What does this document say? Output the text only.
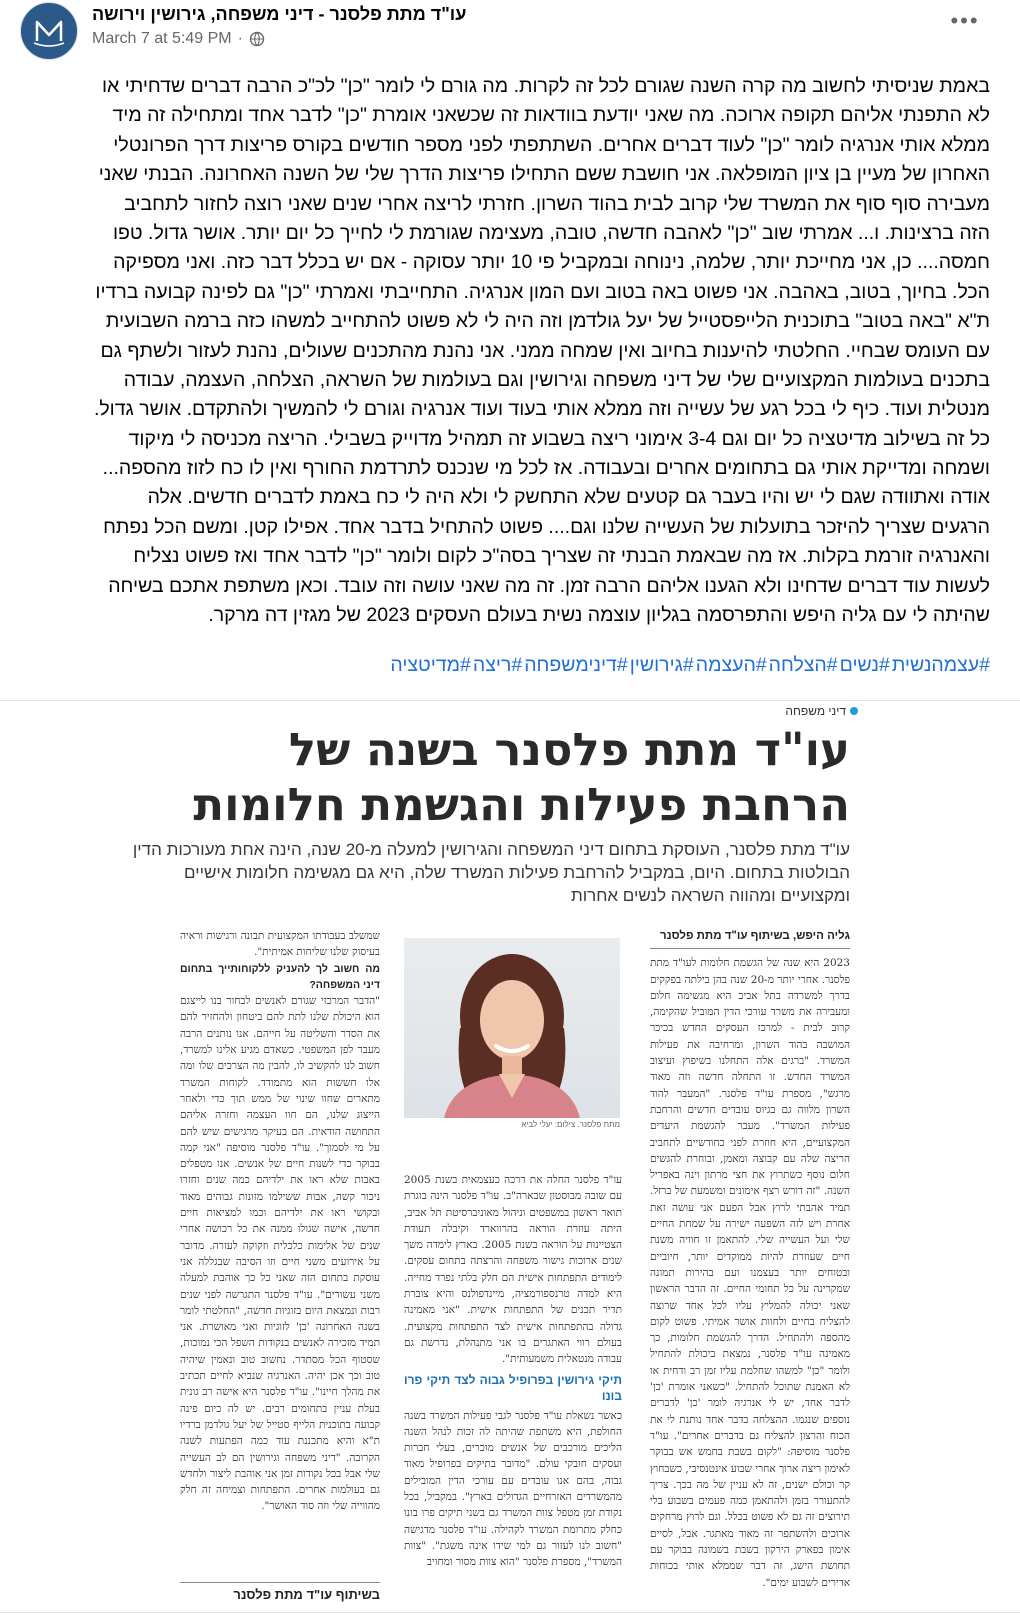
עו"ד מתת פלסנר - דיני משפחה, גירושין וירושה
March 7 at 5:49 PM ·
•••
באמת שניסיתי לחשוב מה קרה השנה שגורם לכל זה לקרות. מה גורם לי לומר "כן" לכ"כ הרבה דברים שדחיתי או
לא התפנתי אליהם תקופה ארוכה. מה שאני יודעת בוודאות זה שכשאני אומרת "כן" לדבר אחד ומתחילה זה מיד
ממלא אותי אנרגיה לומר "כן" לעוד דברים אחרים. השתתפתי לפני מספר חודשים בקורס פריצות דרך הפרונטלי
האחרון של מעיין בן ציון המופלאה. אני חושבת ששם התחילו פריצות הדרך שלי של השנה האחרונה. הבנתי שאני
מעבירה סוף סוף את המשרד שלי קרוב לבית בהוד השרון. חזרתי לריצה אחרי שנים שאני רוצה לחזור לתחביב
הזה ברצינות. ו... אמרתי שוב "כן" לאהבה חדשה, טובה, מעצימה שגורמת לי לחייך כל יום יותר. אושר גדול. טפו
חמסה.... כן, אני מחייכת יותר, שלמה, נינוחה ובמקביל פי 10 יותר עסוקה - אם יש בכלל דבר כזה. ואני מספיקה
הכל. בחיוך, בטוב, באהבה. אני פשוט באה בטוב ועם המון אנרגיה. התחייבתי ואמרתי "כן" גם לפינה קבועה ברדיו
ת"א "באה בטוב" בתוכנית הלייפסטייל של יעל גולדמן וזה היה לי לא פשוט להתחייב למשהו כזה ברמה השבועית
עם העומס שבחיי. החלטתי להיענות בחיוב ואין שמחה ממני. אני נהנת מהתכנים שעולים, נהנת לעזור ולשתף גם
בתכנים בעולמות המקצועיים שלי של דיני משפחה וגירושין וגם בעולמות של השראה, הצלחה, העצמה, עבודה
מנטלית ועוד. כיף לי בכל רגע של עשייה וזה ממלא אותי בעוד ועוד אנרגיה וגורם לי להמשיך ולהתקדם. אושר גדול.
כל זה בשילוב מדיטציה כל יום וגם 3-4 אימוני ריצה בשבוע זה תמהיל מדוייק בשבילי. הריצה מכניסה לי מיקוד
ושמחה ומדייקת אותי גם בתחומים אחרים ובעבודה. אז לכל מי שנכנס לתרדמת החורף ואין לו כח לזוז מהספה...
אודה ואתוודה שגם לי יש והיו בעבר גם קטעים שלא התחשק לי ולא היה לי כח באמת לדברים חדשים. אלה
הרגעים שצריך להיזכר בתועלות של העשייה שלנו וגם.... פשוט להתחיל בדבר אחד. אפילו קטן. ומשם הכל נפתח
והאנרגיה זורמת בקלות. אז מה שבאמת הבנתי זה שצריך בסה"כ לקום ולומר "כן" לדבר אחד ואז פשוט נצליח
לעשות עוד דברים שדחינו ולא הגענו אליהם הרבה זמן. זה מה שאני עושה וזה עובד. וכאן משתפת אתכם בשיחה
שהיתה לי עם גליה היפש והתפרסמה בגליון עוצמה נשית בעולם העסקים 2023 של מגזין דה מרקר.
#עצמהנשית#נשים#הצלחה#העצמה#גירושין#דינימשפחה#ריצה#מדיטציה
דיני משפחה
עו"ד מתת פלסנר בשנה של
הרחבת פעילות והגשמת חלומות
עו"ד מתת פלסנר, העוסקת בתחום דיני המשפחה והגירושין למעלה מ-20 שנה, הינה אחת מעורכות הדין הבולטות בתחום. היום, במקביל להרחבת פעילות המשרד שלה, היא גם מגשימה חלומות אישיים ומקצועיים ומהווה השראה לנשים אחרות
גליה היפש, בשיתוף עו"ד מתת פלסנר
2023 היא שנה של הגשמת חלומות לעו"ד מתת פלסנר. אחרי יותר מ-20 שנה בהן בילתה בפקקים בדרך למשרדה בתל אביב היא מגשימה חלום ומעבירה את משרד עורכי הדין המוביל שהקימה, קרוב לבית - למרכז העסקים החדש בכיכר המושבה בהוד השרון, ומרחיבה את פעילות המשרד. "ברגים אלה התחלנו בשיפוץ ועיצוב המשרד החדש. זו התחלה חדשה וזה מאוד מרגש", מספרת עו"ד פלסנר. "המעבר להוד השרון מלווה גם בגיוס עובדים חדשים והרחבת פעילות המשרד". מעבר להגשמת היעדים המקצועיים, היא חוזרת לפני כחודשיים לתחביב הריצה שלה עם קבוצה ומאמן, ובוחרת להגשים חלום נוסף כשתרוץ את חצי מרתון וינה באפריל השנה. "זה דורש רצף אימונים ומשמעת של ברזל. תמיד אהבתי לרוץ אבל הפעם אני עושה זאת אחרת ויש לזה השפעה ישירה על שמחת החיים שלי ועל העשייה שלי. להתאמן זו חוויה משנת חיים שעוזרת להיות ממוקדים יותר, חיוביים ובטוחים יותר בעצמנו ועם בהירות תמונה שמקרינה על כל תחומי החיים. זה הדבר הראשון שאני יכולה להמליץ עליו לכל אחד שרוצה להצליח בחיים ולחוות אושר אמיתי. פשוט לקום מהספה ולהתחיל. הדרך להגשמת חלומות, כך מאמינה עו"ד פלסנר, נמצאת ביכולת להתחיל ולומר "כן" למשהו שחלמת עליו זמן רב ודחית או לא האמנת שתוכל להתחיל. "כשאני אומרת 'כן' לדבר אחד, יש לי אנרגיה לומר 'כן' לדברים נוספים שנגמו. ההצלחה בדבר אחד נותנת לי את הכוח והרצון להצליח גם בדברים אחרים". עו"ד פלסנר מוסיפה: "לקום בשבת בחמש אש בבוקר לאימון ריצה ארוך אחרי שבוע אינטנסיבי, כשבחוץ קר וכולם ישנים, זה לא עניין של מה בכך. צריך להתעורר בזמן ולהתאמן כמה פעמים בשבוע בלי תירוצים זה גם לא פשוט בכלל. וגם לרוץ מרחקים ארוכים ולהשתפר זה מאוד מאתגר. אבל, לסיים אימון בפארק הירקון בשבת בשמונה בבוקר עם תחושת הישג, זה דבר שממלא אותי בכוחות אדירים לשבוע ימים".
מתת פלסנר. צילום: יעלי לביא
עו"ד פלסנר החלה את דרכה כעצמאית בשנת 2005 עם שובה מבוסטון שבארה"ב. עו"ד פלסנר הינה בוגרת תואר ראשון במשפטים וניהול מאוניברסיטת תל אביב, היתה עוזרת הוראה בהרווארד וקיבלה תעודת הצטיינות על הוראה בשנת 2005. בארץ לימדה משך שנים ארוכות גישור משפחה והרצתה בתחום עסקים. לימודים התפתחות אישית הם חלק בלתי נפרד מחייה. היא למדה טרנספורמציה, מיינדפולנס והיא צוברת תדיר תכנים של התפתחות אישית. "אני מאמינה גדולה בהתפתחות אישית לצד התפתחות מקצועית. בעולם רווי האתגרים בו אני מתנהלת, נדרשת גם עבודה מנטאלית משמעותית".
תיקי גירושין בפרופיל גבוה לצד תיקי פרו בונו
כאשר נשאלת עו"ד פלסנר לגבי פעילות המשרד בשנה החולפת, היא משתפת שהיתה לה זכות לנהל השנה הליכים מורכבים של אנשים מוכרים, בעלי חברות ועסקים חובקי עולם. "מדובר בתיקים בפרופיל מאוד גבוה, בהם אנו עובדים עם עורכי הדין המובילים מהמשרדים האזרחיים הגדולים בארץ". במקביל, בכל נקודת זמן מטפל צוות המשרד גם בשני תיקים פרו בונו כחלק מתרומת המשרד לקהילה. עו"ד פלסנר מדגישה "חשוב לנו לעזור גם למי שידו אינה משגת". "צוות המשרד", מספרת פלסנר "הוא צוות מסור ומחויב
שמשלב בעבודתו המקצועית תבונה ורגישות וראיה בעיסוק שלנו שליחות אמיתית".
מה חשוב לך להעניק ללקוחותייך בתחום דיני המשפחה?
"הדבר המרכזי שגורם לאנשים לבחור בנו לייצגם הוא היכולת שלנו לתת להם ביטחון ולהחזיר להם את הסדר והשליטה על חייהם. אנו נותנים הרבה מעבר לפן המשפטי. כשאדם מגיע אלינו למשרד, חשוב לנו להקשיב לו, להבין מה הצרכים שלו ומה אלו חששות הוא מתמודד. לקוחות המשרד מתארים שחוו שינוי של ממש תוך כדי ולאחר הייצוג שלנו, הם חוו העצמה וחזרה אליהם התחושה הודאית. הם בעיקר מרגישים שיש להם על מי לסמוך". עו"ד פלסנר מוסיפה "אני קמה בבוקר כדי לשנות חיים של אנשים. אנו מטפלים באבות שלא ראו את ילדיהם כמה שנים וחזרו ניכור קשה, אבות ששילמו מזונות גבוהים מאוד ובקושי ראו את ילדיהם וכמו למציאות חיים חדשה, אישה שגולו ממנה את כל רכושה אחרי שנים של אלימות כלכלית וזקוקה לעזרה. מדובר על אירועים משני חיים וזו הסיבה שבגללה אני עוסקת בתחום הזה שאני כל כך אוהבת למעלה משני עשורים". עו"ד פלסנר התגרשה לפני שנים רבות ונמצאת היום בזוגיות חדשה, "החלטתי לומר בשנה האחרונה 'כן' לזוגיות ואני מאושרת. אני תמיד מזכירה לאנשים בנקודות השפל הכי נמוכות, שסטוף הכל מסתדר. נחשוב טוב ונאמין שיהיה טוב וכך אכן יהיה. האנרגיה שנביא לחיים תכתיב את מהלך חיינו". עו"ד פלסנר היא אישה רב גונית בעלת עניין בתחומים רבים. יש לה כיום פינה קבועה בתוכנית הלייף סטייל של יעל גולדמן ברדיו ת"א והיא מתכננת עוד כמה הפתעות לשנה הקרובה. "דיני משפחה וגירושין הם לב העשייה שלי אבל בכל נקודות זמן אני אוהבת ליצור ולחדש גם בעולמות אחרים. התפתחות וצמיחה זה חלק מהווייה שלי וזה סוד האושר".
בשיתוף עו"ד מתת פלסנר
